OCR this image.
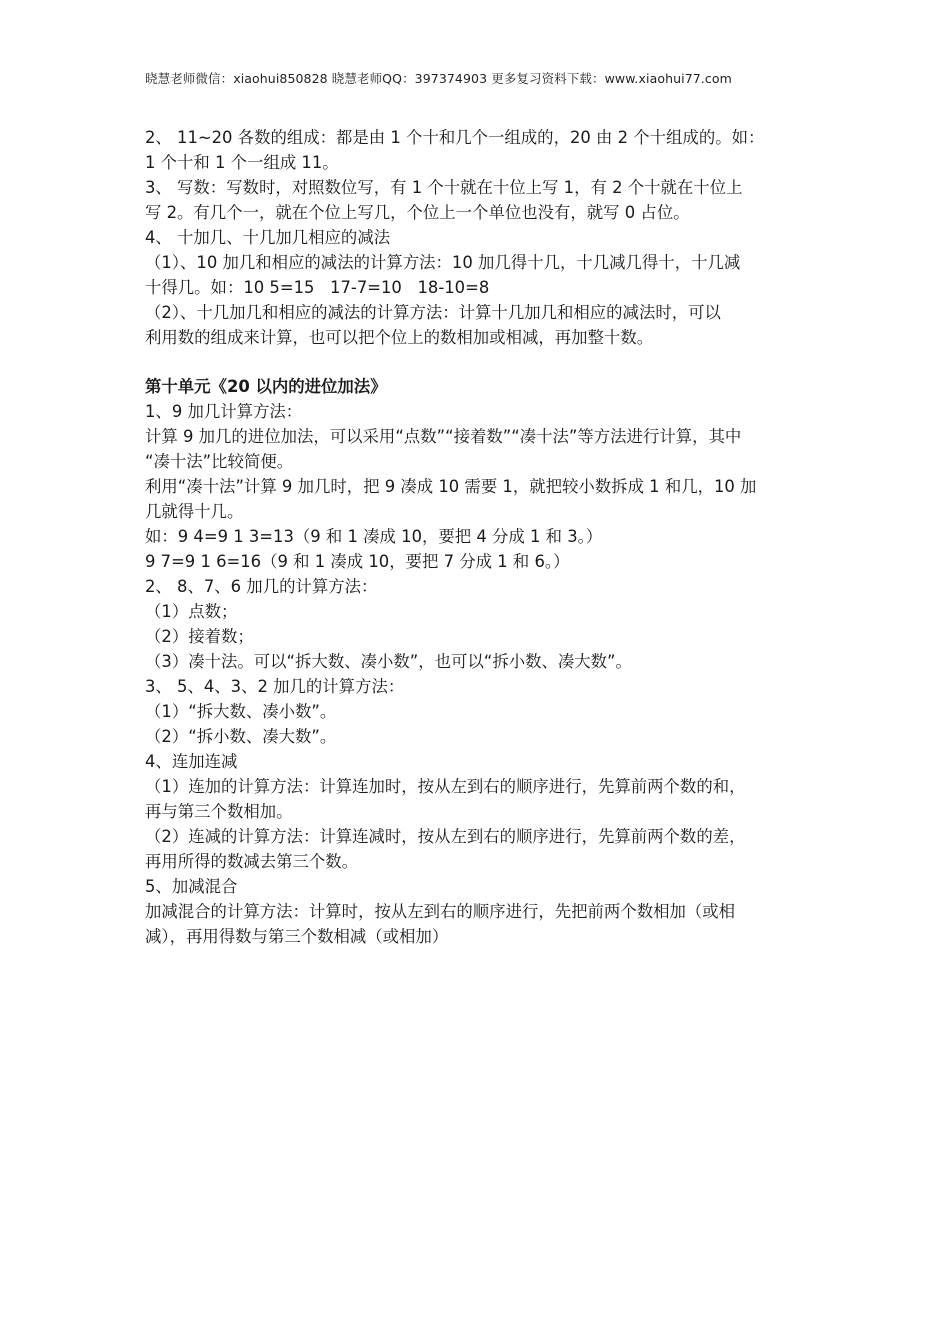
晓慧老师微信：xiaohui850828 晓慧老师QQ：397374903 更多复习资料下载：www.xiaohui77.com

2、 11~20 各数的组成：都是由 1 个十和几个一组成的，20 由 2 个十组成的。如：

1 个十和 1 个一组成 11。

3、 写数：写数时，对照数位写，有 1 个十就在十位上写 1，有 2 个十就在十位上

写 2。有几个一，就在个位上写几，个位上一个单位也没有，就写 0 占位。

4、 十加几、十几加几相应的减法

（1）、10 加几和相应的减法的计算方法：10 加几得十几，十几减几得十，十几减

十得几。如：10 5=15   17-7=10   18-10=8

（2）、十几加几和相应的减法的计算方法：计算十几加几和相应的减法时，可以

利用数的组成来计算，也可以把个位上的数相加或相减，再加整十数。

第十单元《20 以内的进位加法》

1、9 加几计算方法：

计算 9 加几的进位加法，可以采用“点数”“接着数”“凑十法”等方法进行计算，其中

“凑十法”比较简便。

利用“凑十法”计算 9 加几时，把 9 凑成 10 需要 1，就把较小数拆成 1 和几，10 加

几就得十几。

如：9 4=9 1 3=13（9 和 1 凑成 10，要把 4 分成 1 和 3。）

9 7=9 1 6=16（9 和 1 凑成 10，要把 7 分成 1 和 6。）

2、 8、7、6 加几的计算方法：

（1）点数；

（2）接着数；

（3）凑十法。可以“拆大数、凑小数”，也可以“拆小数、凑大数”。

3、 5、4、3、2 加几的计算方法：

（1）“拆大数、凑小数”。

（2）“拆小数、凑大数”。

4、连加连减

（1）连加的计算方法：计算连加时，按从左到右的顺序进行，先算前两个数的和，

再与第三个数相加。

（2）连减的计算方法：计算连减时，按从左到右的顺序进行，先算前两个数的差，

再用所得的数减去第三个数。

5、加减混合

加减混合的计算方法：计算时，按从左到右的顺序进行，先把前两个数相加（或相

减），再用得数与第三个数相减（或相加）
